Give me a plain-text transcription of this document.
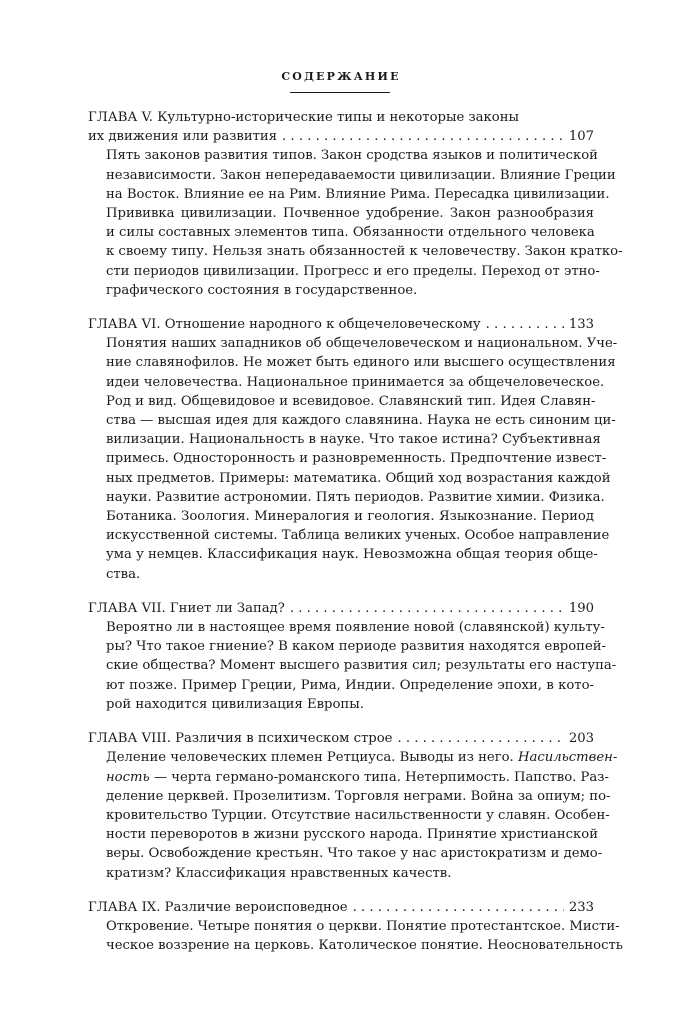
СОДЕРЖАНИЕ
ГЛАВА V. Культурно-исторические типы и некоторые законы
их движения или развития . . .	107
Пять законов развития типов. Закон сродства языков и политической
независимости. Закон непередаваемости цивилизации. Влияние Греции
на Восток. Влияние ее на Рим. Влияние Рима. Пересадка цивилизации.
Прививка цивилизации. Почвенное удобрение. Закон разнообразия
и силы составных элементов типа. Обязанности отдельного человека
к своему типу. Нельзя знать обязанностей к человечеству. Закон кратко-
сти периодов цивилизации. Прогресс и его пределы. Переход от этно-
графического состояния в государственное.
ГЛАВА VI. Отношение народного к общечеловеческому . . .	133
Понятия наших западников об общечеловеческом и национальном. Уче-
ние славянофилов. Не может быть единого или высшего осуществления
идеи человечества. Национальное принимается за общечеловеческое.
Род и вид. Общевидовое и всевидовое. Славянский тип. Идея Славян-
ства — высшая идея для каждого славянина. Наука не есть синоним ци-
вилизации. Национальность в науке. Что такое истина? Субъективная
примесь. Односторонность и разновременность. Предпочтение извест-
ных предметов. Примеры: математика. Общий ход возрастания каждой
науки. Развитие астрономии. Пять периодов. Развитие химии. Физика.
Ботаника. Зоология. Минералогия и геология. Языкознание. Период
искусственной системы. Таблица великих ученых. Особое направление
ума у немцев. Классификация наук. Невозможна общая теория обще-
ства.
ГЛАВА VII. Гниет ли Запад? . . .	190
Вероятно ли в настоящее время появление новой (славянской) культу-
ры? Что такое гниение? В каком периоде развития находятся европей-
ские общества? Момент высшего развития сил; результаты его наступа-
ют позже. Пример Греции, Рима, Индии. Определение эпохи, в кото-
рой находится цивилизация Европы.
ГЛАВА VIII. Различия в психическом строе . . .	203
Деление человеческих племен Ретциуса. Выводы из него. Насильствен-
ность — черта германо-романского типа. Нетерпимость. Папство. Раз-
деление церквей. Прозелитизм. Торговля неграми. Война за опиум; по-
кровительство Турции. Отсутствие насильственности у славян. Особен-
ности переворотов в жизни русского народа. Принятие христианской
веры. Освобождение крестьян. Что такое у нас аристократизм и демо-
кратизм? Классификация нравственных качеств.
ГЛАВА IX. Различие вероисповедное . . .	233
Откровение. Четыре понятия о церкви. Понятие протестантское. Мисти-
ческое воззрение на церковь. Католическое понятие. Неосновательность
